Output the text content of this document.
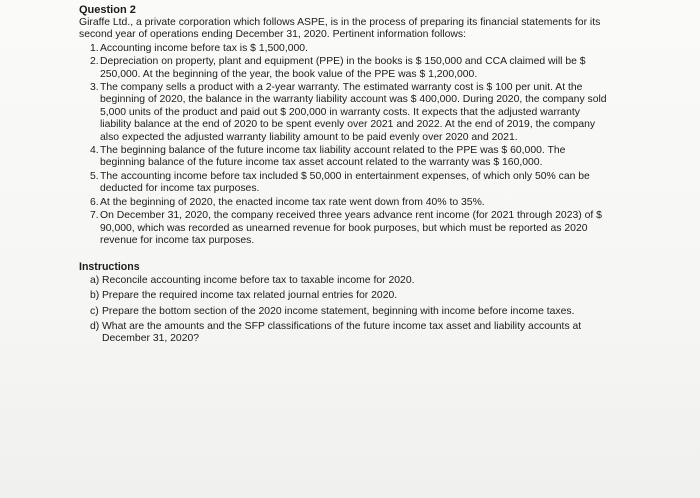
Question 2

Giraffe Ltd., a private corporation which follows ASPE, is in the process of preparing its financial statements for its second year of operations ending December 31, 2020. Pertinent information follows:

1. Accounting income before tax is $ 1,500,000.
2. Depreciation on property, plant and equipment (PPE) in the books is $ 150,000 and CCA claimed will be $ 250,000. At the beginning of the year, the book value of the PPE was $ 1,200,000.
3. The company sells a product with a 2-year warranty. The estimated warranty cost is $ 100 per unit. At the beginning of 2020, the balance in the warranty liability account was $ 400,000. During 2020, the company sold 5,000 units of the product and paid out $ 200,000 in warranty costs. It expects that the adjusted warranty liability balance at the end of 2020 to be spent evenly over 2021 and 2022. At the end of 2019, the company also expected the adjusted warranty liability amount to be paid evenly over 2020 and 2021.
4. The beginning balance of the future income tax liability account related to the PPE was $ 60,000. The beginning balance of the future income tax asset account related to the warranty was $ 160,000.
5. The accounting income before tax included $ 50,000 in entertainment expenses, of which only 50% can be deducted for income tax purposes.
6. At the beginning of 2020, the enacted income tax rate went down from 40% to 35%.
7. On December 31, 2020, the company received three years advance rent income (for 2021 through 2023) of $ 90,000, which was recorded as unearned revenue for book purposes, but which must be reported as 2020 revenue for income tax purposes.

Instructions

a) Reconcile accounting income before tax to taxable income for 2020.
b) Prepare the required income tax related journal entries for 2020.
c) Prepare the bottom section of the 2020 income statement, beginning with income before income taxes.
d) What are the amounts and the SFP classifications of the future income tax asset and liability accounts at December 31, 2020?
